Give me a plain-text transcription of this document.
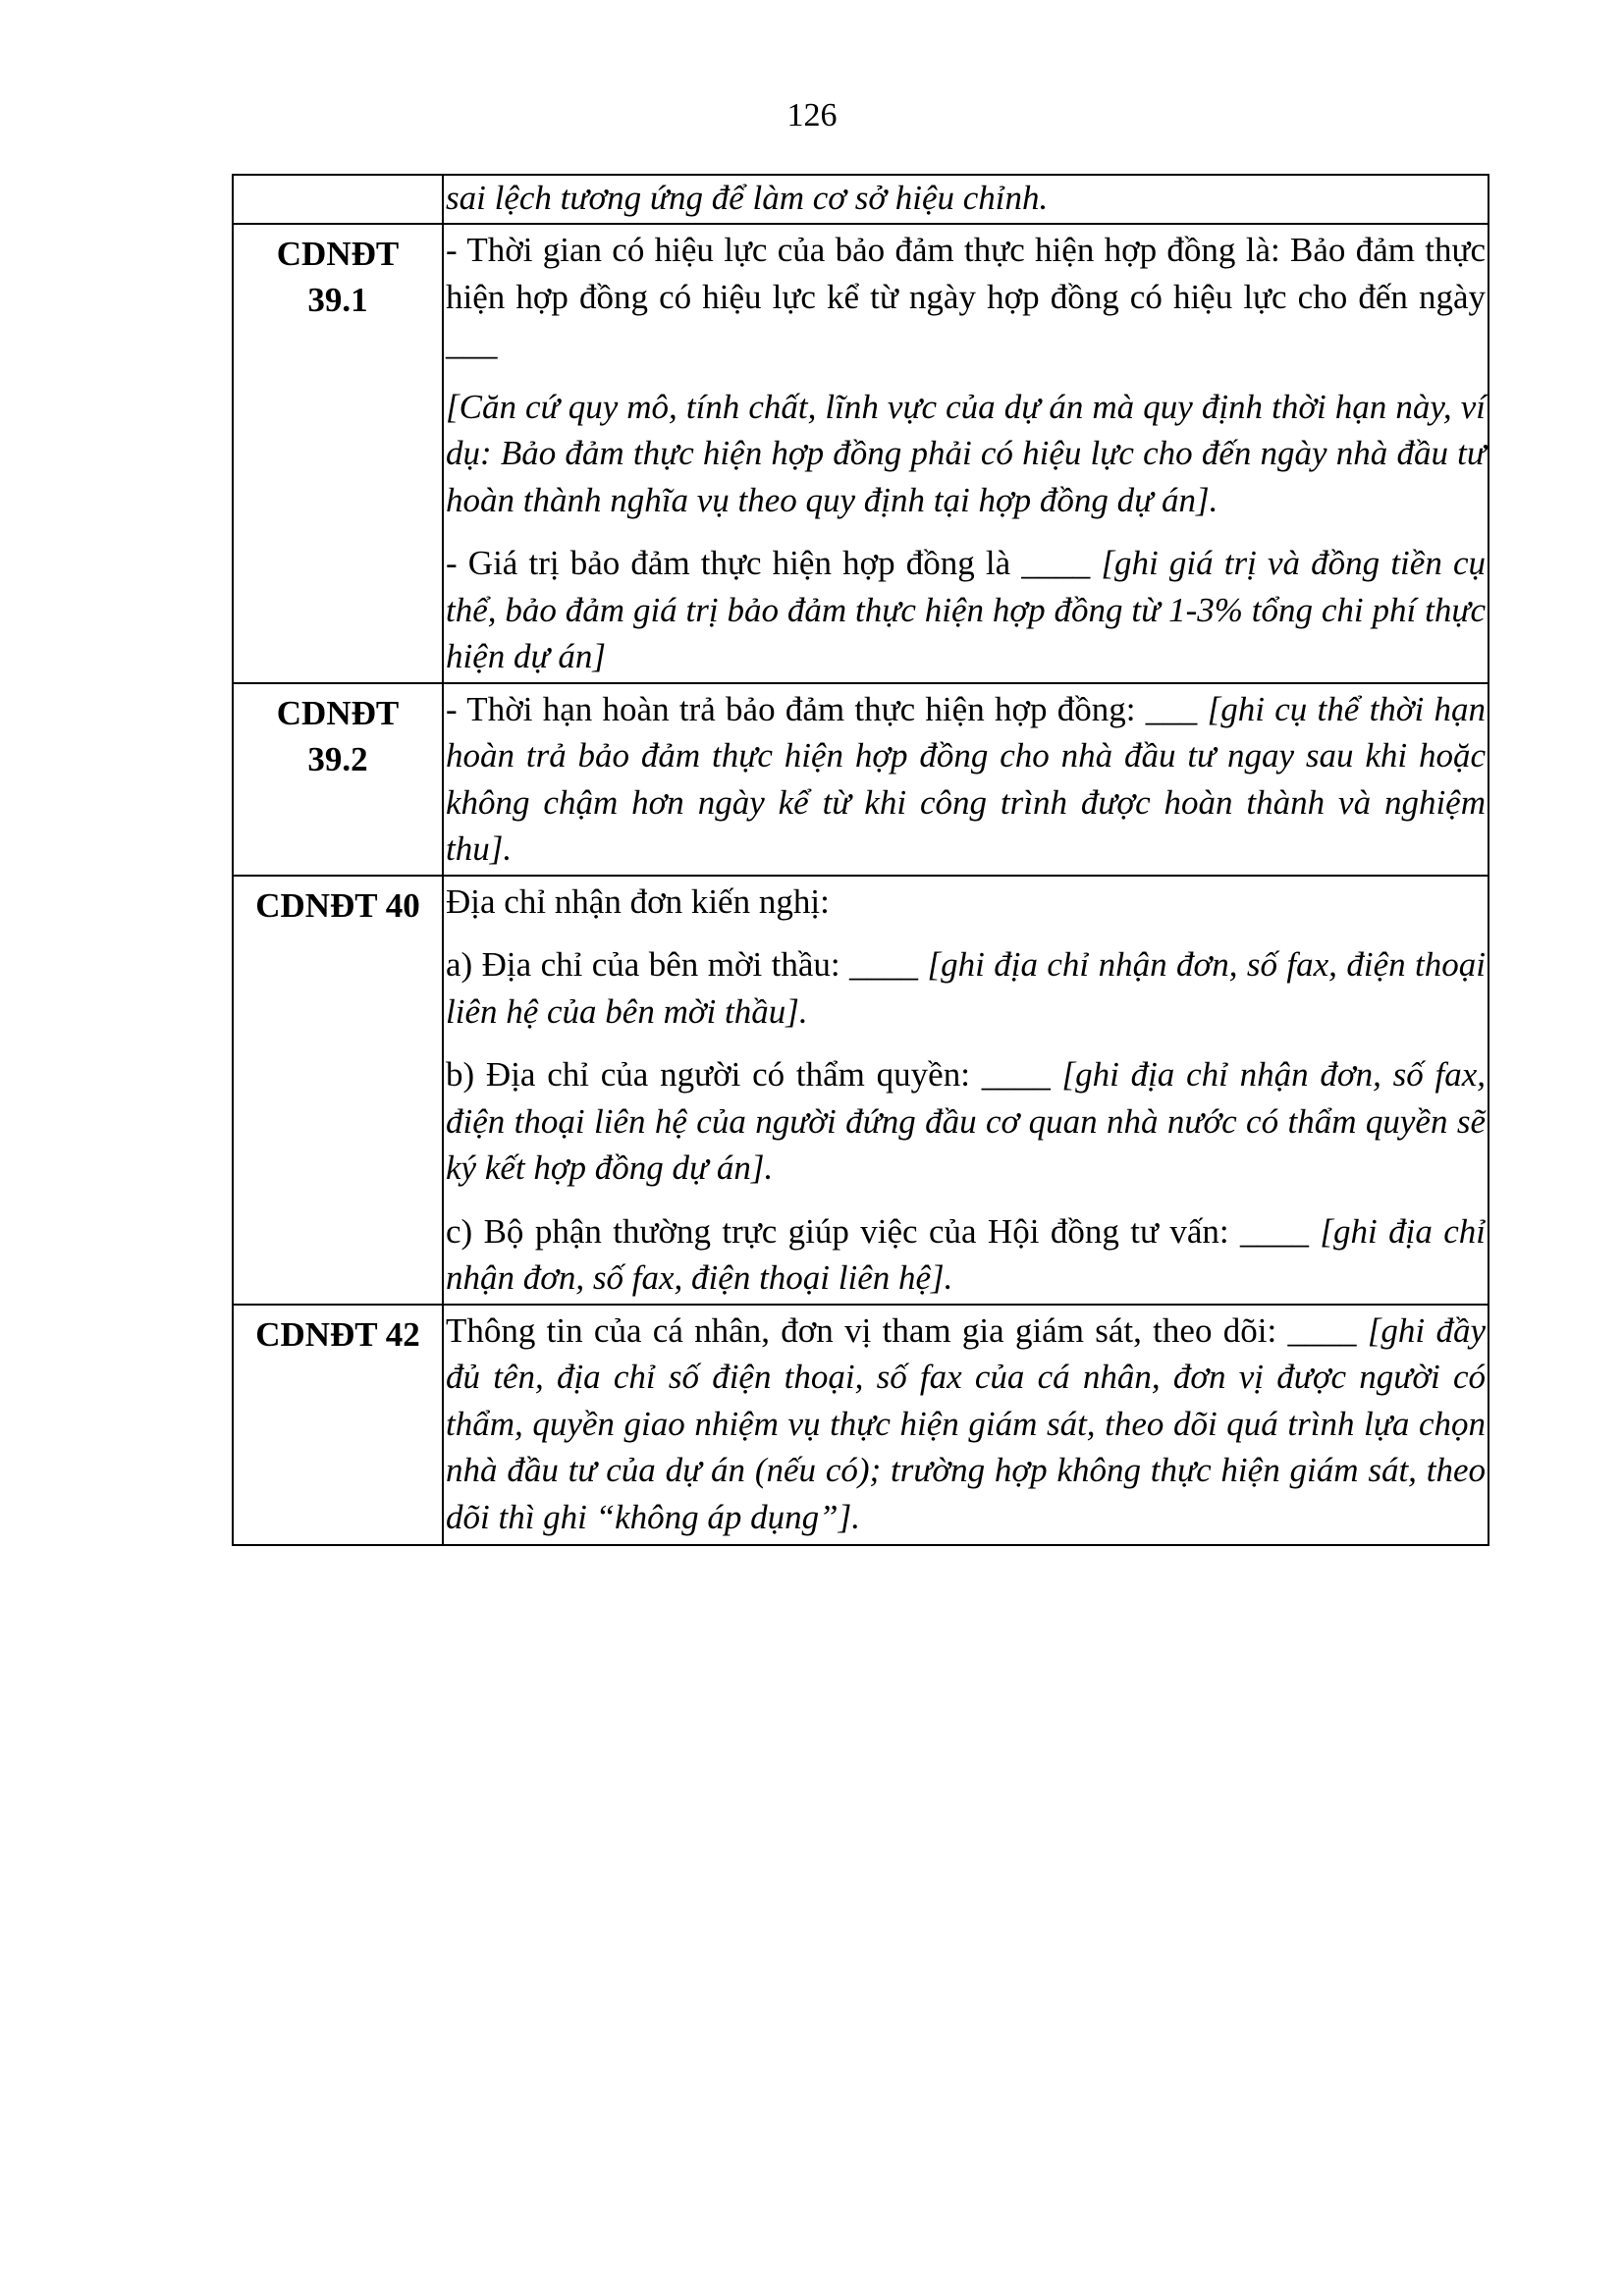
126

	sai lệch tương ứng để làm cơ sở hiệu chỉnh.

CDNĐT 39.1	- Thời gian có hiệu lực của bảo đảm thực hiện hợp đồng là: Bảo đảm thực hiện hợp đồng có hiệu lực kể từ ngày hợp đồng có hiệu lực cho đến ngày ___

[Căn cứ quy mô, tính chất, lĩnh vực của dự án mà quy định thời hạn này, ví dụ: Bảo đảm thực hiện hợp đồng phải có hiệu lực cho đến ngày nhà đầu tư hoàn thành nghĩa vụ theo quy định tại hợp đồng dự án].

- Giá trị bảo đảm thực hiện hợp đồng là ____ [ghi giá trị và đồng tiền cụ thể, bảo đảm giá trị bảo đảm thực hiện hợp đồng từ 1-3% tổng chi phí thực hiện dự án]

CDNĐT 39.2	- Thời hạn hoàn trả bảo đảm thực hiện hợp đồng: ___ [ghi cụ thể thời hạn hoàn trả bảo đảm thực hiện hợp đồng cho nhà đầu tư ngay sau khi hoặc không chậm hơn ngày kể từ khi công trình được hoàn thành và nghiệm thu].

CDNĐT 40	Địa chỉ nhận đơn kiến nghị:

a) Địa chỉ của bên mời thầu: ____ [ghi địa chỉ nhận đơn, số fax, điện thoại liên hệ của bên mời thầu].

b) Địa chỉ của người có thẩm quyền: ____ [ghi địa chỉ nhận đơn, số fax, điện thoại liên hệ của người đứng đầu cơ quan nhà nước có thẩm quyền sẽ ký kết hợp đồng dự án].

c) Bộ phận thường trực giúp việc của Hội đồng tư vấn: ____ [ghi địa chỉ nhận đơn, số fax, điện thoại liên hệ].

CDNĐT 42	Thông tin của cá nhân, đơn vị tham gia giám sát, theo dõi: ____ [ghi đầy đủ tên, địa chỉ số điện thoại, số fax của cá nhân, đơn vị được người có thẩm, quyền giao nhiệm vụ thực hiện giám sát, theo dõi quá trình lựa chọn nhà đầu tư của dự án (nếu có); trường hợp không thực hiện giám sát, theo dõi thì ghi “không áp dụng”].
